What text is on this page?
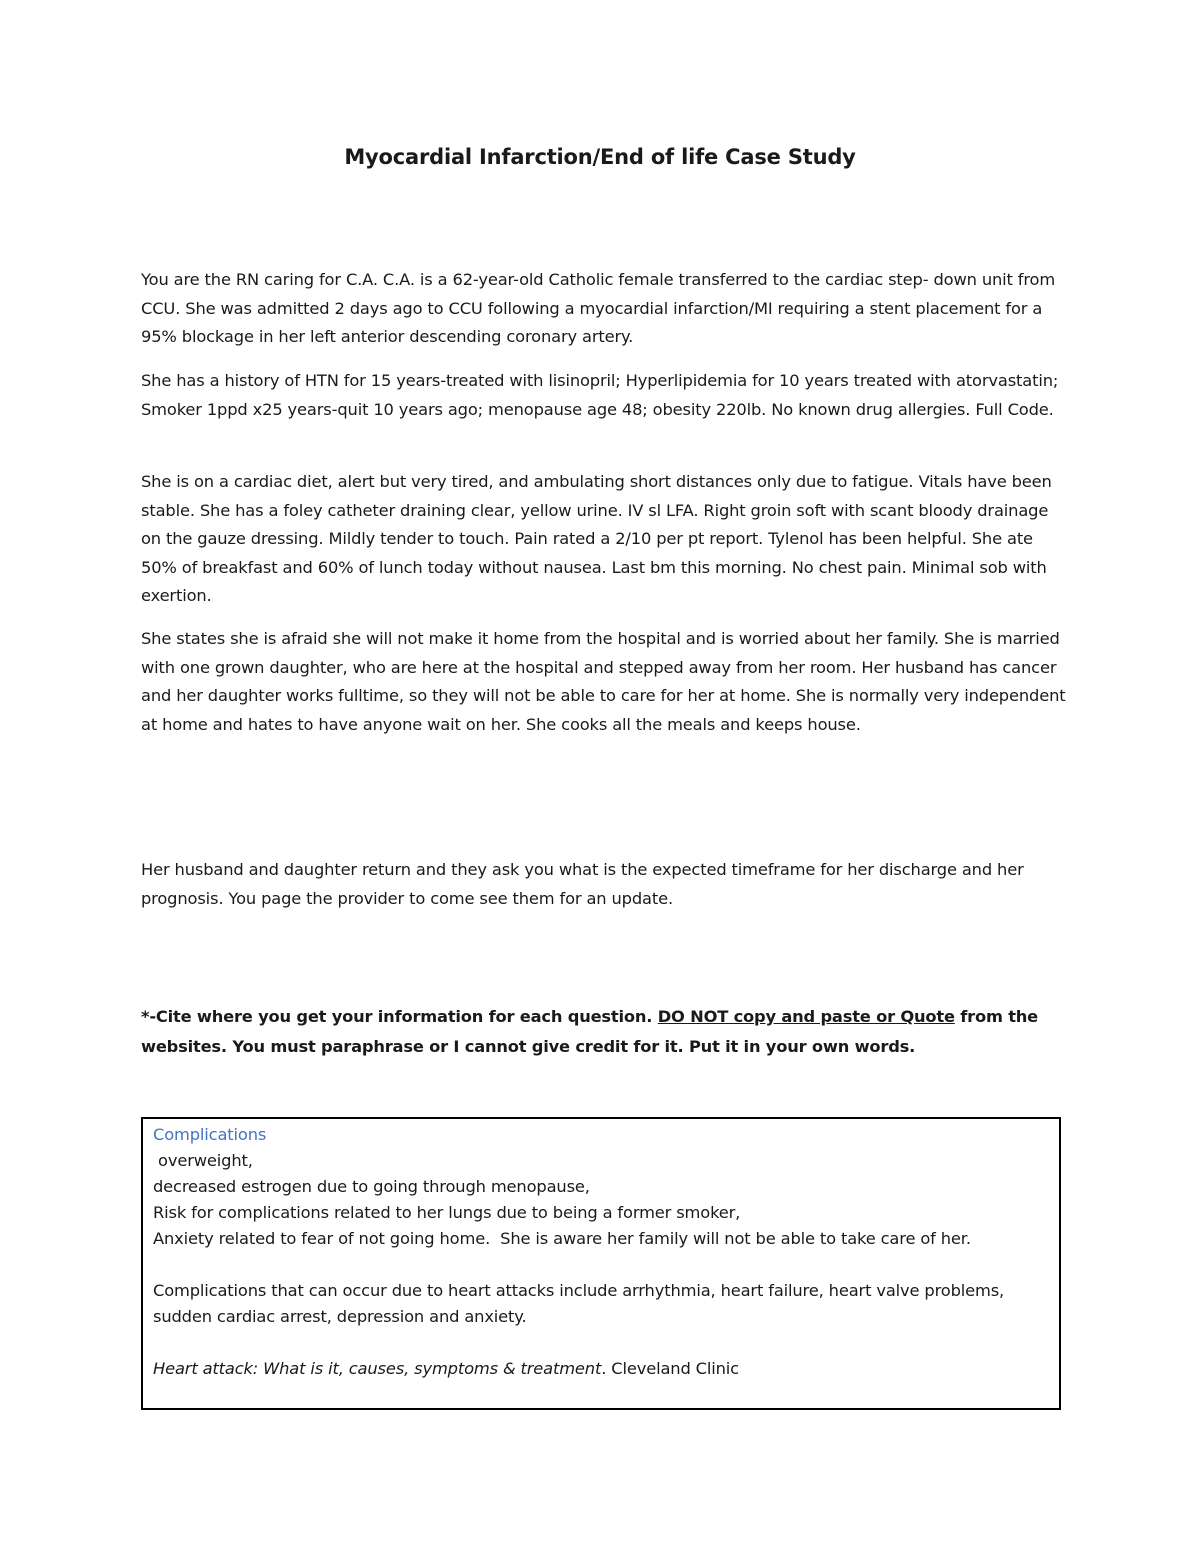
Myocardial Infarction/End of life Case Study

You are the RN caring for C.A. C.A. is a 62-year-old Catholic female transferred to the cardiac step- down unit from CCU. She was admitted 2 days ago to CCU following a myocardial infarction/MI requiring a stent placement for a 95% blockage in her left anterior descending coronary artery.

She has a history of HTN for 15 years-treated with lisinopril; Hyperlipidemia for 10 years treated with atorvastatin; Smoker 1ppd x25 years-quit 10 years ago; menopause age 48; obesity 220lb. No known drug allergies. Full Code.

She is on a cardiac diet, alert but very tired, and ambulating short distances only due to fatigue. Vitals have been stable. She has a foley catheter draining clear, yellow urine. IV sl LFA. Right groin soft with scant bloody drainage on the gauze dressing. Mildly tender to touch. Pain rated a 2/10 per pt report. Tylenol has been helpful. She ate 50% of breakfast and 60% of lunch today without nausea. Last bm this morning. No chest pain. Minimal sob with exertion.

She states she is afraid she will not make it home from the hospital and is worried about her family. She is married with one grown daughter, who are here at the hospital and stepped away from her room. Her husband has cancer and her daughter works fulltime, so they will not be able to care for her at home. She is normally very independent at home and hates to have anyone wait on her. She cooks all the meals and keeps house.

Her husband and daughter return and they ask you what is the expected timeframe for her discharge and her prognosis. You page the provider to come see them for an update.

*-Cite where you get your information for each question. DO NOT copy and paste or Quote from the websites. You must paraphrase or I cannot give credit for it. Put it in your own words.

Complications
overweight,
decreased estrogen due to going through menopause,
Risk for complications related to her lungs due to being a former smoker,
Anxiety related to fear of not going home.  She is aware her family will not be able to take care of her.
Complications that can occur due to heart attacks include arrhythmia, heart failure, heart valve problems, sudden cardiac arrest, depression and anxiety.
Heart attack: What is it, causes, symptoms & treatment. Cleveland Clinic
